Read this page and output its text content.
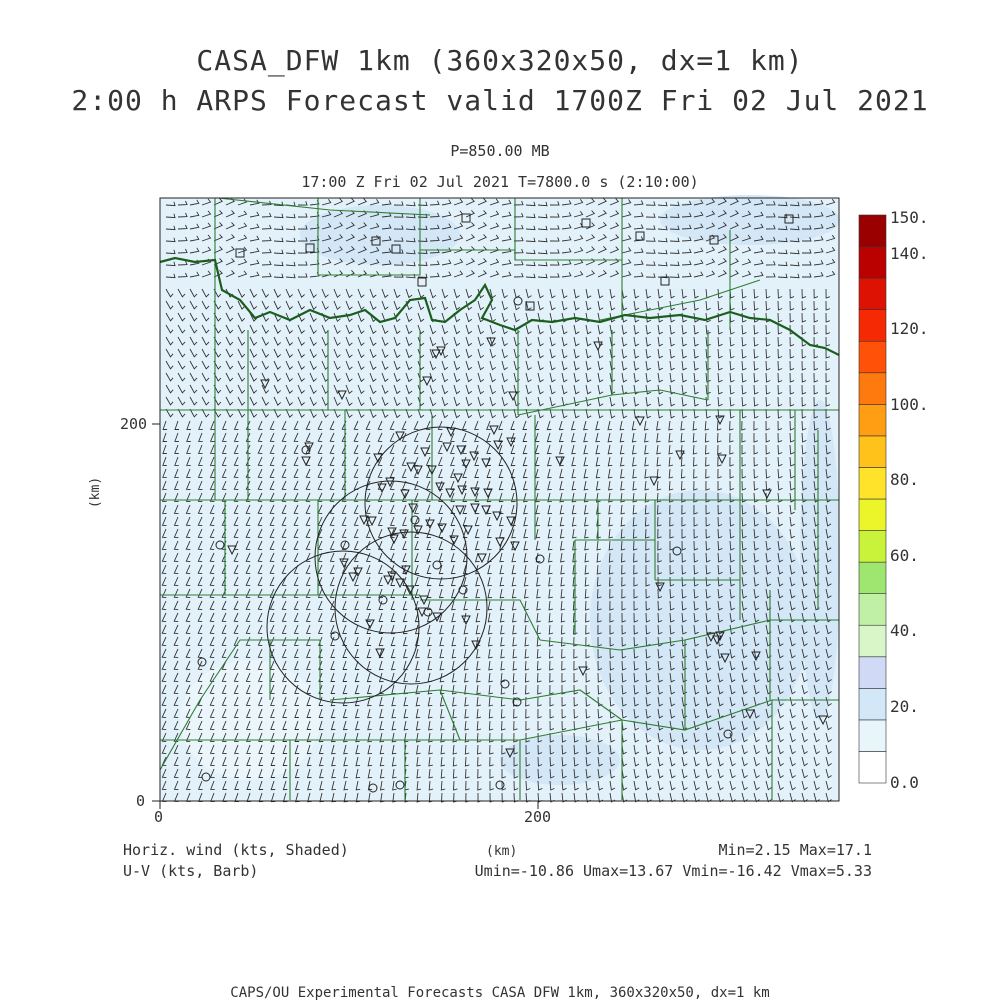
CASA_DFW 1km (360x320x50, dx=1 km)
2:00 h ARPS Forecast valid 1700Z Fri 02 Jul 2021
P=850.00 MB
17:00 Z Fri 02 Jul 2021 T=7800.0 s (2:10:00)
(km)
(km)
0	200
0
200
150.
140.
120.
100.
80.
60.
40.
20.
0.0
Horiz. wind (kts, Shaded)
U-V (kts, Barb)
Min=2.15 Max=17.1
Umin=-10.86 Umax=13.67 Vmin=-16.42 Vmax=5.33
CAPS/OU Experimental Forecasts CASA DFW 1km, 360x320x50, dx=1 km
